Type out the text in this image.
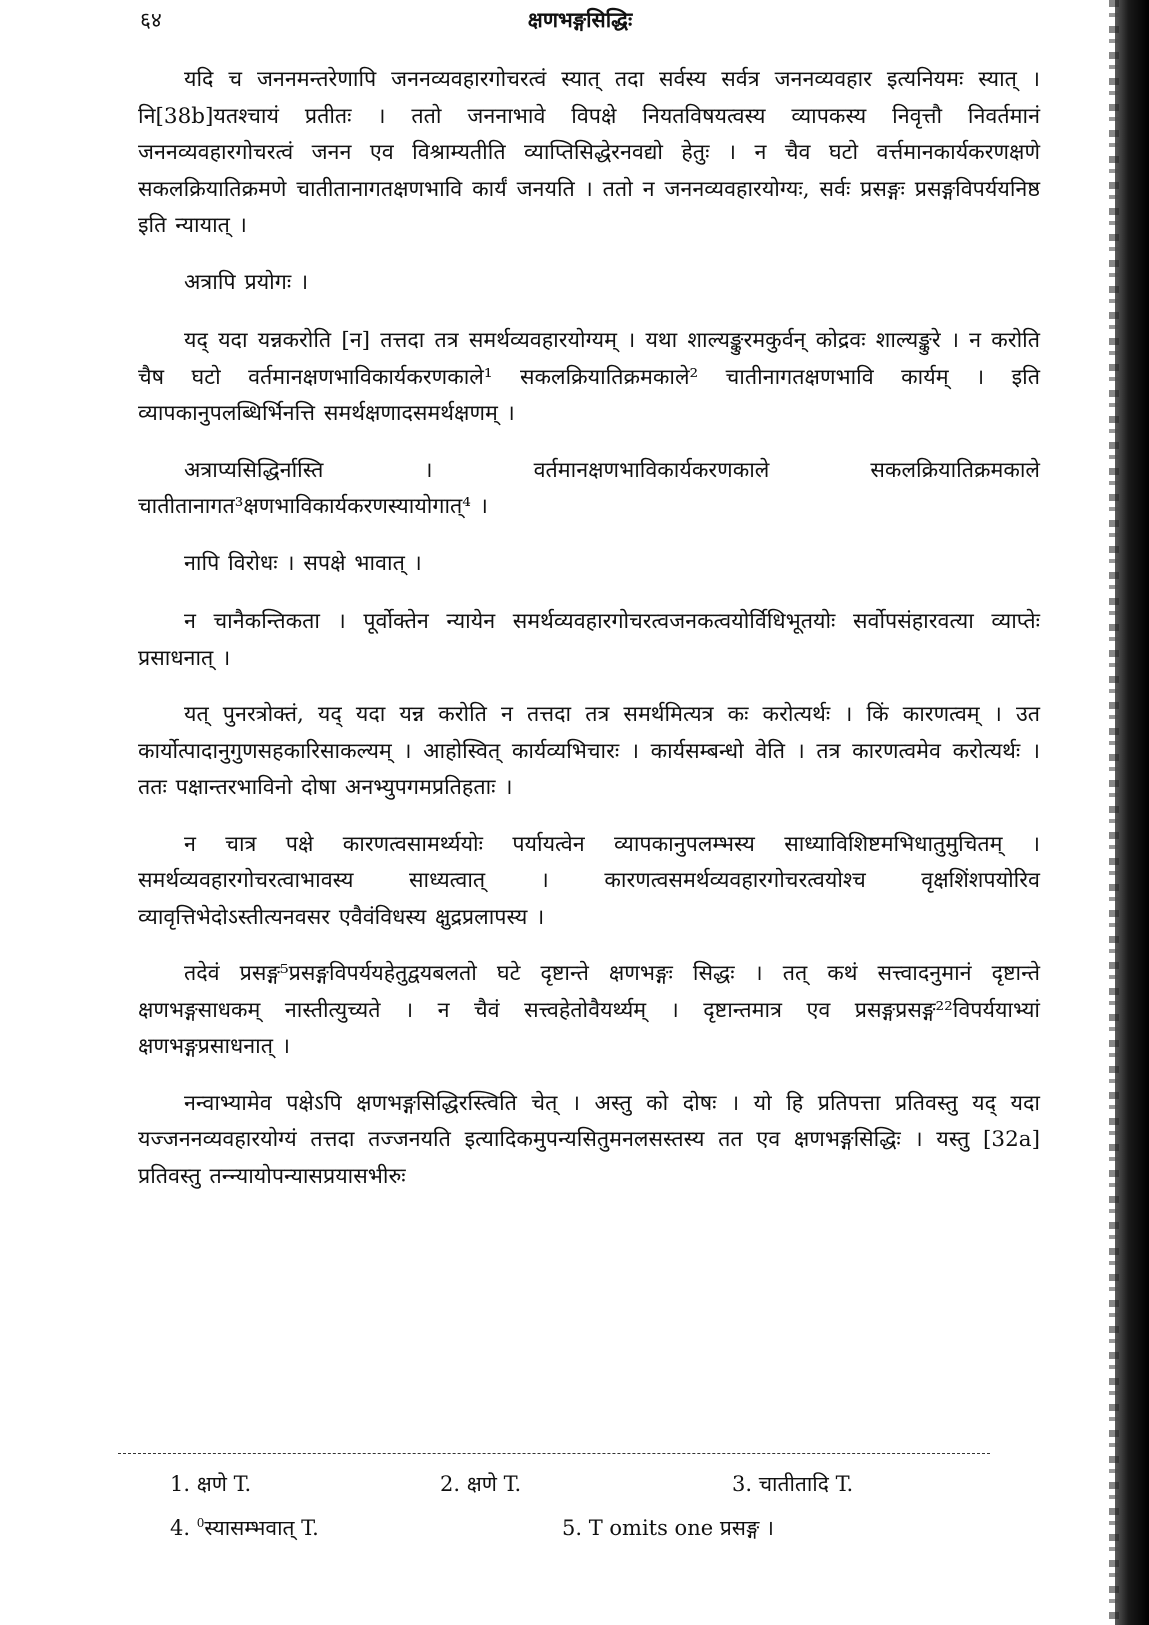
६४	क्षणभङ्गसिद्धिः

यदि च जननमन्तरेणापि जननव्यवहारगोचरत्वं स्यात् तदा सर्वस्य सर्वत्र जननव्यवहार इत्यनियमः स्यात् । नि[38b]यतश्चायं प्रतीतः । ततो जननाभावे विपक्षे नियतविषयत्वस्य व्यापकस्य निवृत्तौ निवर्तमानं जननव्यवहारगोचरत्वं जनन एव विश्राम्यतीति व्याप्तिसिद्धेरनवद्यो हेतुः । न चैव घटो वर्त्तमानकार्यकरणक्षणे सकलक्रियातिक्रमणे चातीतानागतक्षणभावि कार्यं जनयति । ततो न जननव्यवहारयोग्यः, सर्वः प्रसङ्गः प्रसङ्गविपर्ययनिष्ठ इति न्यायात् ।

अत्रापि प्रयोगः ।

यद् यदा यन्नकरोति [न] तत्तदा तत्र समर्थव्यवहारयोग्यम् । यथा शाल्यङ्कुरमकुर्वन् कोद्रवः शाल्यङ्कुरे । न करोति चैष घटो वर्तमानक्षणभाविकार्यकरणकाले¹ सकलक्रियातिक्रमकाले² चातीनागतक्षणभावि कार्यम् । इति व्यापकानुपलब्धिर्भिनत्ति समर्थक्षणादसमर्थक्षणम् ।

अत्राप्यसिद्धिर्नास्ति । वर्तमानक्षणभाविकार्यकरणकाले सकलक्रियातिक्रमकाले चातीतानागत³क्षणभाविकार्यकरणस्यायोगात्⁴ ।

नापि विरोधः । सपक्षे भावात् ।

न चानैकन्तिकता । पूर्वोक्तेन न्यायेन समर्थव्यवहारगोचरत्वजनकत्वयोर्विधिभूतयोः सर्वोपसंहारवत्या व्याप्तेः प्रसाधनात् ।

यत् पुनरत्रोक्तं, यद् यदा यन्न करोति न तत्तदा तत्र समर्थमित्यत्र कः करोत्यर्थः । किं कारणत्वम् । उत कार्योत्पादानुगुणसहकारिसाकल्यम् । आहोस्वित् कार्यव्यभिचारः । कार्यसम्बन्धो वेति । तत्र कारणत्वमेव करोत्यर्थः । ततः पक्षान्तरभाविनो दोषा अनभ्युपगमप्रतिहताः ।

न चात्र पक्षे कारणत्वसामर्थ्ययोः पर्यायत्वेन व्यापकानुपलम्भस्य साध्याविशिष्टमभिधातुमुचितम् । समर्थव्यवहारगोचरत्वाभावस्य साध्यत्वात् । कारणत्वसमर्थव्यवहारगोचरत्वयोश्च वृक्षशिंशपयोरिव व्यावृत्तिभेदोऽस्तीत्यनवसर एवैवंविधस्य क्षुद्रप्रलापस्य ।

तदेवं प्रसङ्ग⁵प्रसङ्गविपर्ययहेतुद्वयबलतो घटे दृष्टान्ते क्षणभङ्गः सिद्धः । तत् कथं सत्त्वादनुमानं दृष्टान्ते क्षणभङ्गसाधकम् नास्तीत्युच्यते । न चैवं सत्त्वहेतोवैयर्थ्यम् । दृष्टान्तमात्र एव प्रसङ्गप्रसङ्ग²²विपर्ययाभ्यां क्षणभङ्गप्रसाधनात् ।

नन्वाभ्यामेव पक्षेऽपि क्षणभङ्गसिद्धिरस्त्विति चेत् । अस्तु को दोषः । यो हि प्रतिपत्ता प्रतिवस्तु यद् यदा यज्जननव्यवहारयोग्यं तत्तदा तज्जनयति इत्यादिकमुपन्यसितुमनलसस्तस्य तत एव क्षणभङ्गसिद्धिः । यस्तु [32a] प्रतिवस्तु तन्न्यायोपन्यासप्रयासभीरुः

1. क्षणे T.	2. क्षणे T.	3. चातीतादि T.
4. $^0$स्यासम्भवात् T.	5. T omits one प्रसङ्ग ।
